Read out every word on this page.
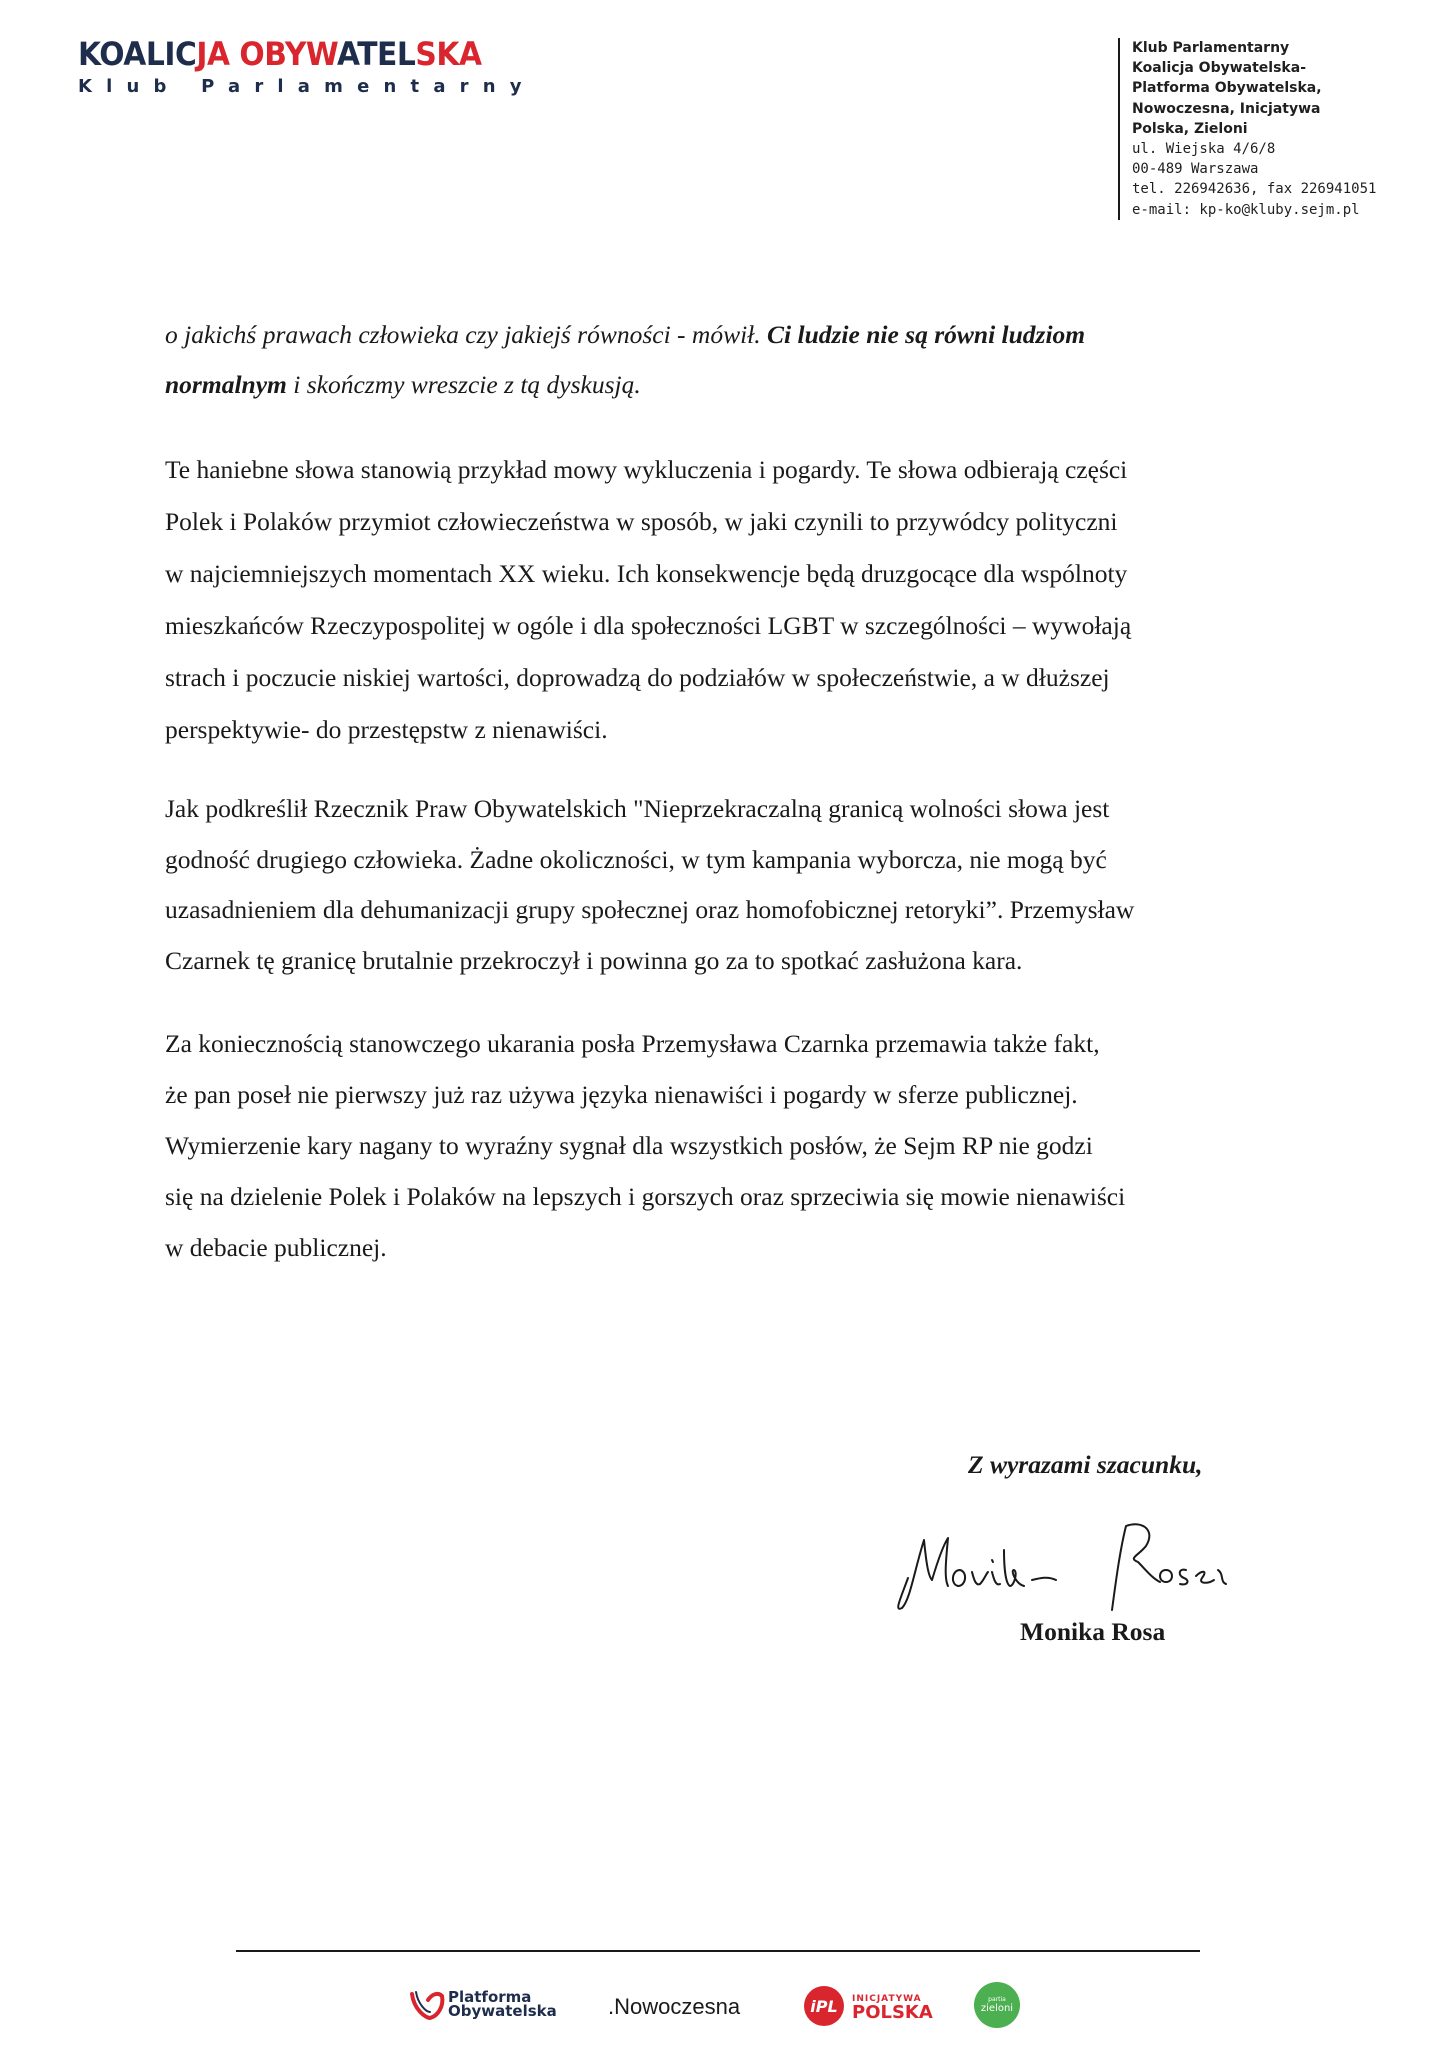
KOALICJA OBYWATELSKA
Klub Parlamentarny
Klub Parlamentarny
Koalicja Obywatelska-
Platforma Obywatelska,
Nowoczesna, Inicjatywa
Polska, Zieloni
ul. Wiejska 4/6/8
00-489 Warszawa
tel. 226942636, fax 226941051
e-mail: kp-ko@kluby.sejm.pl
o jakichś prawach człowieka czy jakiejś równości - mówił. Ci ludzie nie są równi ludziom
normalnym i skończmy wreszcie z tą dyskusją.
Te haniebne słowa stanowią przykład mowy wykluczenia i pogardy. Te słowa odbierają części
Polek i Polaków przymiot człowieczeństwa w sposób, w jaki czynili to przywódcy polityczni
w najciemniejszych momentach XX wieku. Ich konsekwencje będą druzgocące dla wspólnoty
mieszkańców Rzeczypospolitej w ogóle i dla społeczności LGBT w szczególności – wywołają
strach i poczucie niskiej wartości, doprowadzą do podziałów w społeczeństwie, a w dłuższej
perspektywie- do przestępstw z nienawiści.
Jak podkreślił Rzecznik Praw Obywatelskich "Nieprzekraczalną granicą wolności słowa jest
godność drugiego człowieka. Żadne okoliczności, w tym kampania wyborcza, nie mogą być
uzasadnieniem dla dehumanizacji grupy społecznej oraz homofobicznej retoryki”. Przemysław
Czarnek tę granicę brutalnie przekroczył i powinna go za to spotkać zasłużona kara.
Za koniecznością stanowczego ukarania posła Przemysława Czarnka przemawia także fakt,
że pan poseł nie pierwszy już raz używa języka nienawiści i pogardy w sferze publicznej.
Wymierzenie kary nagany to wyraźny sygnał dla wszystkich posłów, że Sejm RP nie godzi
się na dzielenie Polek i Polaków na lepszych i gorszych oraz sprzeciwia się mowie nienawiści
w debacie publicznej.
Z wyrazami szacunku,
Monika Rosa
Platforma
Obywatelska .Nowoczesna	iPL	INICJATYWA
POLSKA
partia
zieloni
